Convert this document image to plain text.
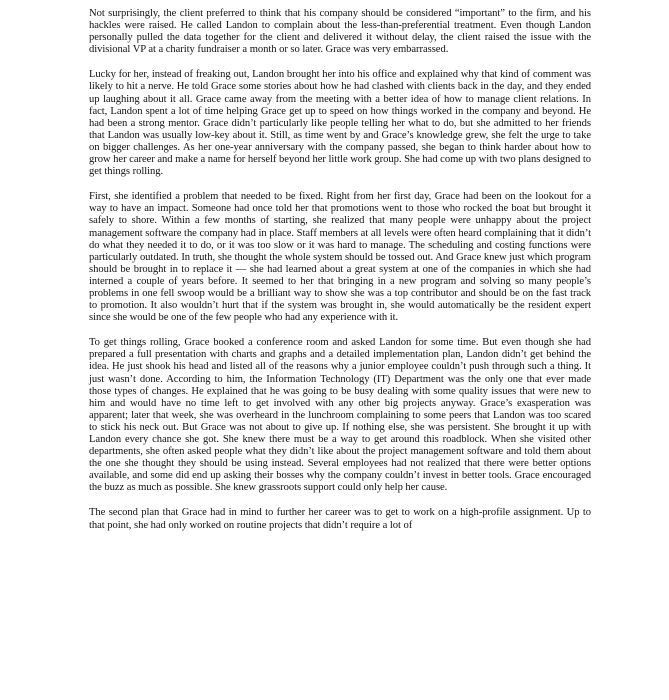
Not surprisingly, the client preferred to think that his company should be considered “important” to the firm, and his hackles were raised. He called Landon to complain about the less-than-preferential treatment. Even though Landon personally pulled the data together for the client and delivered it without delay, the client raised the issue with the divisional VP at a charity fundraiser a month or so later. Grace was very embarrassed.

Lucky for her, instead of freaking out, Landon brought her into his office and explained why that kind of comment was likely to hit a nerve. He told Grace some stories about how he had clashed with clients back in the day, and they ended up laughing about it all. Grace came away from the meeting with a better idea of how to manage client relations. In fact, Landon spent a lot of time helping Grace get up to speed on how things worked in the company and beyond. He had been a strong mentor. Grace didn’t particularly like people telling her what to do, but she admitted to her friends that Landon was usually low-key about it. Still, as time went by and Grace’s knowledge grew, she felt the urge to take on bigger challenges. As her one-year anniversary with the company passed, she began to think harder about how to grow her career and make a name for herself beyond her little work group. She had come up with two plans designed to get things rolling.

First, she identified a problem that needed to be fixed. Right from her first day, Grace had been on the lookout for a way to have an impact. Someone had once told her that promotions went to those who rocked the boat but brought it safely to shore. Within a few months of starting, she realized that many people were unhappy about the project management software the company had in place. Staff members at all levels were often heard complaining that it didn’t do what they needed it to do, or it was too slow or it was hard to manage. The scheduling and costing functions were particularly outdated. In truth, she thought the whole system should be tossed out. And Grace knew just which program should be brought in to replace it — she had learned about a great system at one of the companies in which she had interned a couple of years before. It seemed to her that bringing in a new program and solving so many people’s problems in one fell swoop would be a brilliant way to show she was a top contributor and should be on the fast track to promotion. It also wouldn’t hurt that if the system was brought in, she would automatically be the resident expert since she would be one of the few people who had any experience with it.

To get things rolling, Grace booked a conference room and asked Landon for some time. But even though she had prepared a full presentation with charts and graphs and a detailed implementation plan, Landon didn’t get behind the idea. He just shook his head and listed all of the reasons why a junior employee couldn’t push through such a thing. It just wasn’t done. According to him, the Information Technology (IT) Department was the only one that ever made those types of changes. He explained that he was going to be busy dealing with some quality issues that were new to him and would have no time left to get involved with any other big projects anyway. Grace’s exasperation was apparent; later that week, she was overheard in the lunchroom complaining to some peers that Landon was too scared to stick his neck out. But Grace was not about to give up. If nothing else, she was persistent. She brought it up with Landon every chance she got. She knew there must be a way to get around this roadblock. When she visited other departments, she often asked people what they didn’t like about the project management software and told them about the one she thought they should be using instead. Several employees had not realized that there were better options available, and some did end up asking their bosses why the company couldn’t invest in better tools. Grace encouraged the buzz as much as possible. She knew grassroots support could only help her cause.

The second plan that Grace had in mind to further her career was to get to work on a high-profile assignment. Up to that point, she had only worked on routine projects that didn’t require a lot of
